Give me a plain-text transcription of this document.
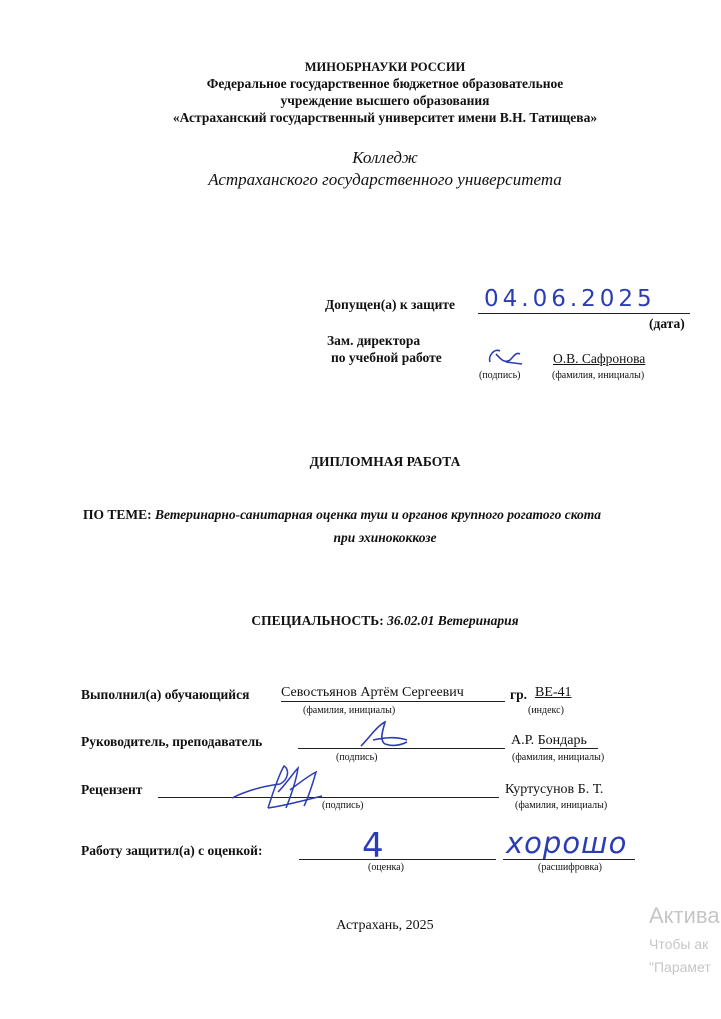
МИНОБРНАУКИ РОССИИ
Федеральное государственное бюджетное образовательное
учреждение высшего образования
«Астраханский государственный университет имени В.Н. Татищева»
Колледж
Астраханского государственного университета
Допущен(а) к защите 04.06.2025
(дата)
Зам. директора
по учебной работе	О.В. Сафронова
(подпись)	(фамилия, инициалы)
ДИПЛОМНАЯ РАБОТА
ПО ТЕМЕ: Ветеринарно-санитарная оценка туш и органов крупного рогатого скота
при эхинококкозе
СПЕЦИАЛЬНОСТЬ: 36.02.01 Ветеринария
Выполнил(а) обучающийся Севостьянов Артём Сергеевич	гр. ВЕ-41
(фамилия, инициалы)	(индекс)
Руководитель, преподаватель	А.Р. Бондарь
(подпись)	(фамилия, инициалы)
Рецензент	Куртусунов Б. Т.
(подпись)	(фамилия, инициалы)
Работу защитил(а) с оценкой:	4	хорошо
(оценка)	(расшифровка)
Астрахань, 2025	Актива
Чтобы ак
"Парамет
